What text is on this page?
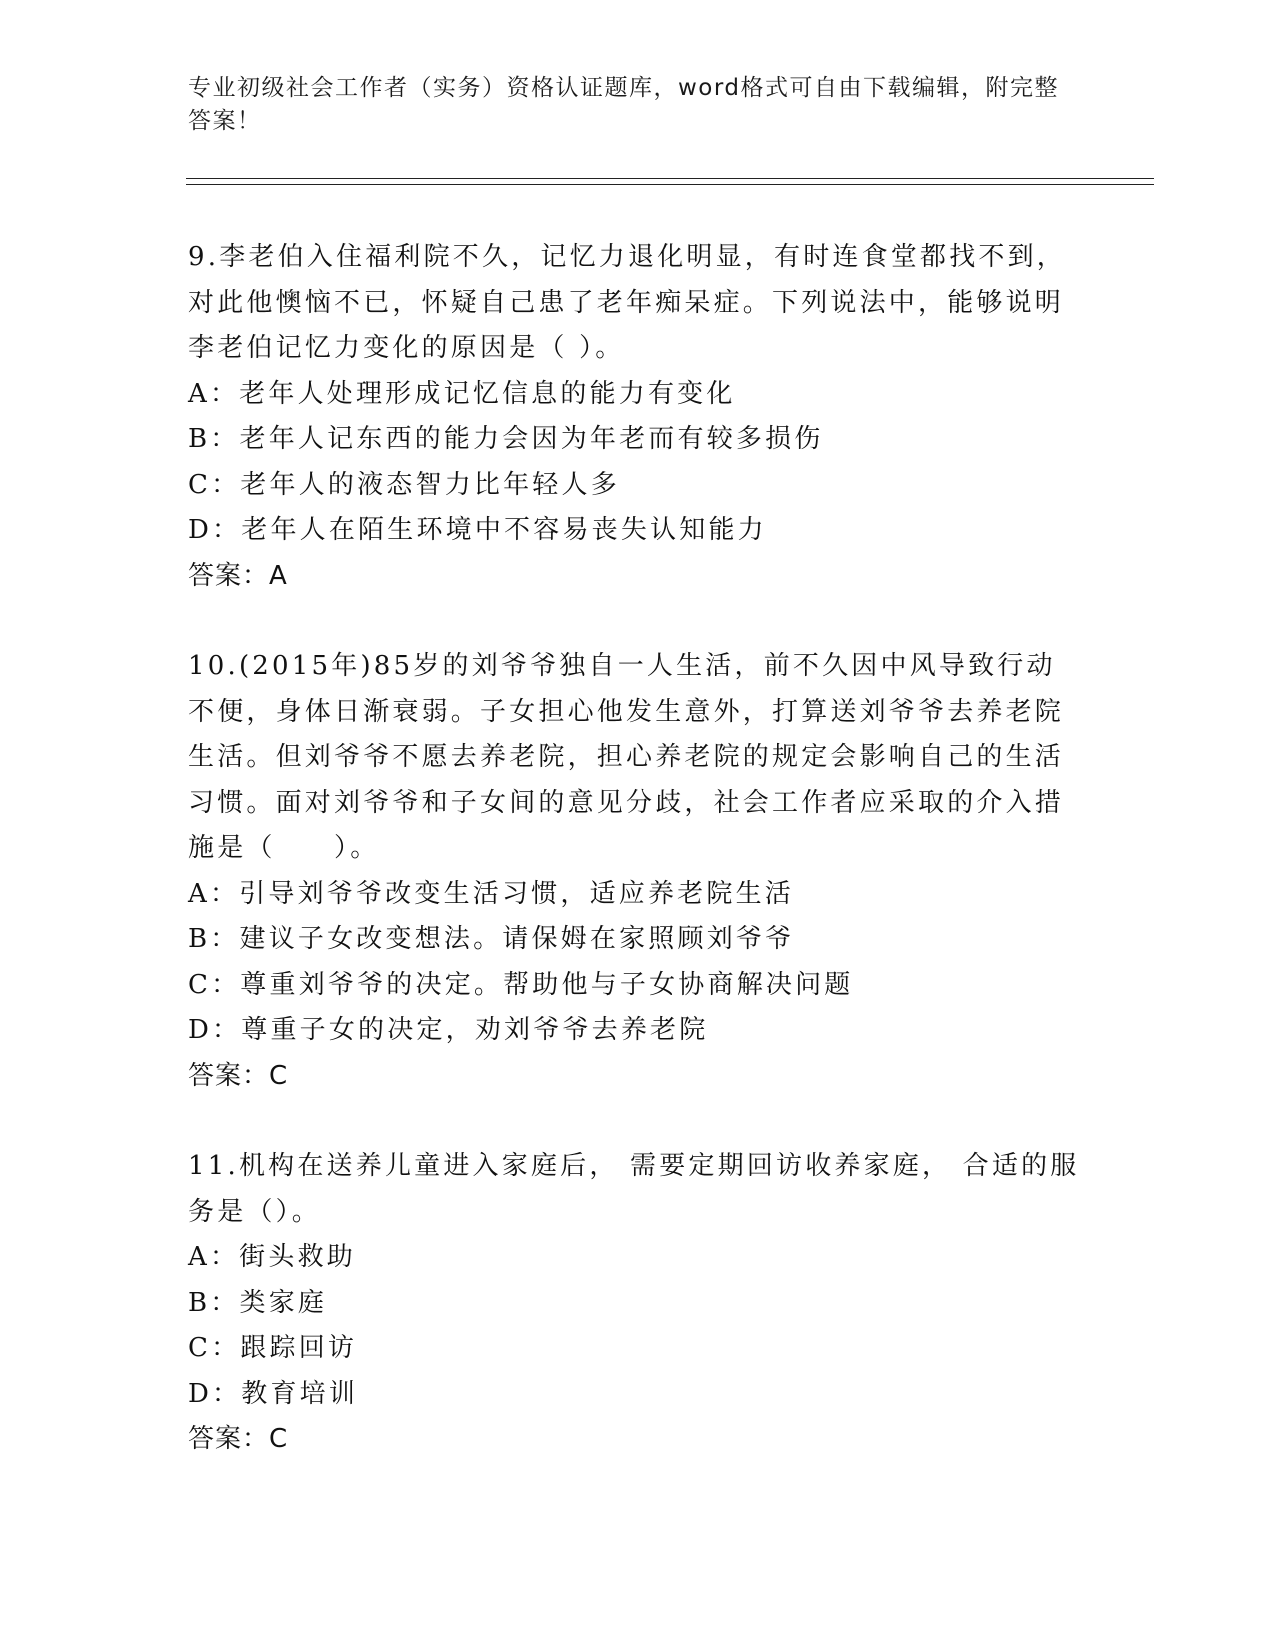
专业初级社会工作者（实务）资格认证题库，word格式可自由下载编辑，附完整答案！

9.李老伯入住福利院不久，记忆力退化明显，有时连食堂都找不到，对此他懊恼不已，怀疑自己患了老年痴呆症。下列说法中，能够说明李老伯记忆力变化的原因是（ ）。

A：老年人处理形成记忆信息的能力有变化
B：老年人记东西的能力会因为年老而有较多损伤
C：老年人的液态智力比年轻人多
D：老年人在陌生环境中不容易丧失认知能力
答案：A

10.(2015年)85岁的刘爷爷独自一人生活，前不久因中风导致行动不便，身体日渐衰弱。子女担心他发生意外，打算送刘爷爷去养老院生活。但刘爷爷不愿去养老院，担心养老院的规定会影响自己的生活习惯。面对刘爷爷和子女间的意见分歧，社会工作者应采取的介入措施是（　　）。

A：引导刘爷爷改变生活习惯，适应养老院生活
B：建议子女改变想法。请保姆在家照顾刘爷爷
C：尊重刘爷爷的决定。帮助他与子女协商解决问题
D：尊重子女的决定，劝刘爷爷去养老院
答案：C

11.机构在送养儿童进入家庭后， 需要定期回访收养家庭， 合适的服务是（）。

A：街头救助
B：类家庭
C：跟踪回访
D：教育培训
答案：C
